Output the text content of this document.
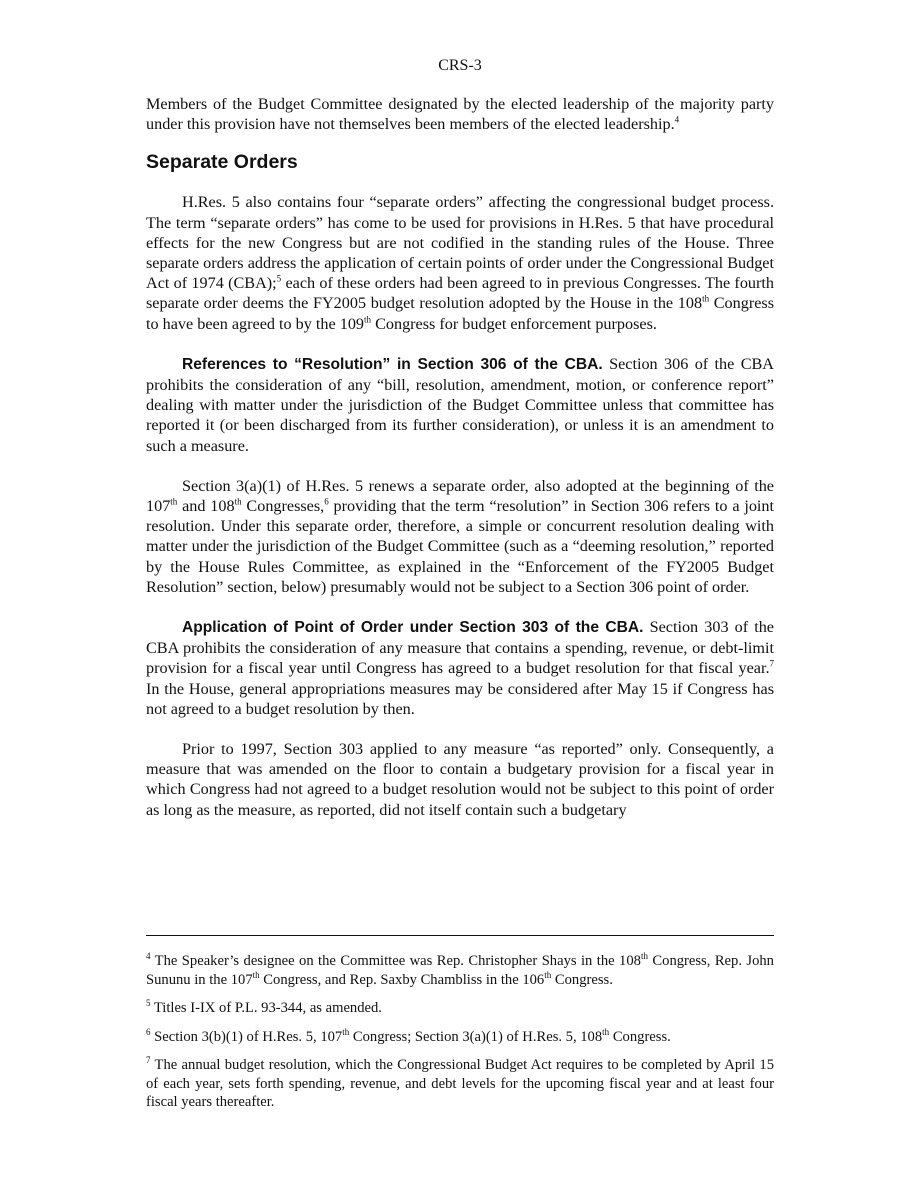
CRS-3

Members of the Budget Committee designated by the elected leadership of the majority party under this provision have not themselves been members of the elected leadership.$^4$

Separate Orders

H.Res. 5 also contains four “separate orders” affecting the congressional budget process. The term “separate orders” has come to be used for provisions in H.Res. 5 that have procedural effects for the new Congress but are not codified in the standing rules of the House. Three separate orders address the application of certain points of order under the Congressional Budget Act of 1974 (CBA);$^5$ each of these orders had been agreed to in previous Congresses. The fourth separate order deems the FY2005 budget resolution adopted by the House in the 108th Congress to have been agreed to by the 109th Congress for budget enforcement purposes.

References to “Resolution” in Section 306 of the CBA. Section 306 of the CBA prohibits the consideration of any “bill, resolution, amendment, motion, or conference report” dealing with matter under the jurisdiction of the Budget Committee unless that committee has reported it (or been discharged from its further consideration), or unless it is an amendment to such a measure.

Section 3(a)(1) of H.Res. 5 renews a separate order, also adopted at the beginning of the 107th and 108th Congresses,$^6$ providing that the term “resolution” in Section 306 refers to a joint resolution. Under this separate order, therefore, a simple or concurrent resolution dealing with matter under the jurisdiction of the Budget Committee (such as a “deeming resolution,” reported by the House Rules Committee, as explained in the “Enforcement of the FY2005 Budget Resolution” section, below) presumably would not be subject to a Section 306 point of order.

Application of Point of Order under Section 303 of the CBA. Section 303 of the CBA prohibits the consideration of any measure that contains a spending, revenue, or debt-limit provision for a fiscal year until Congress has agreed to a budget resolution for that fiscal year.$^7$ In the House, general appropriations measures may be considered after May 15 if Congress has not agreed to a budget resolution by then.

Prior to 1997, Section 303 applied to any measure “as reported” only. Consequently, a measure that was amended on the floor to contain a budgetary provision for a fiscal year in which Congress had not agreed to a budget resolution would not be subject to this point of order as long as the measure, as reported, did not itself contain such a budgetary

$^4$ The Speaker’s designee on the Committee was Rep. Christopher Shays in the 108th Congress, Rep. John Sununu in the 107th Congress, and Rep. Saxby Chambliss in the 106th Congress.

$^5$ Titles I-IX of P.L. 93-344, as amended.

$^6$ Section 3(b)(1) of H.Res. 5, 107th Congress; Section 3(a)(1) of H.Res. 5, 108th Congress.

$^7$ The annual budget resolution, which the Congressional Budget Act requires to be completed by April 15 of each year, sets forth spending, revenue, and debt levels for the upcoming fiscal year and at least four fiscal years thereafter.
